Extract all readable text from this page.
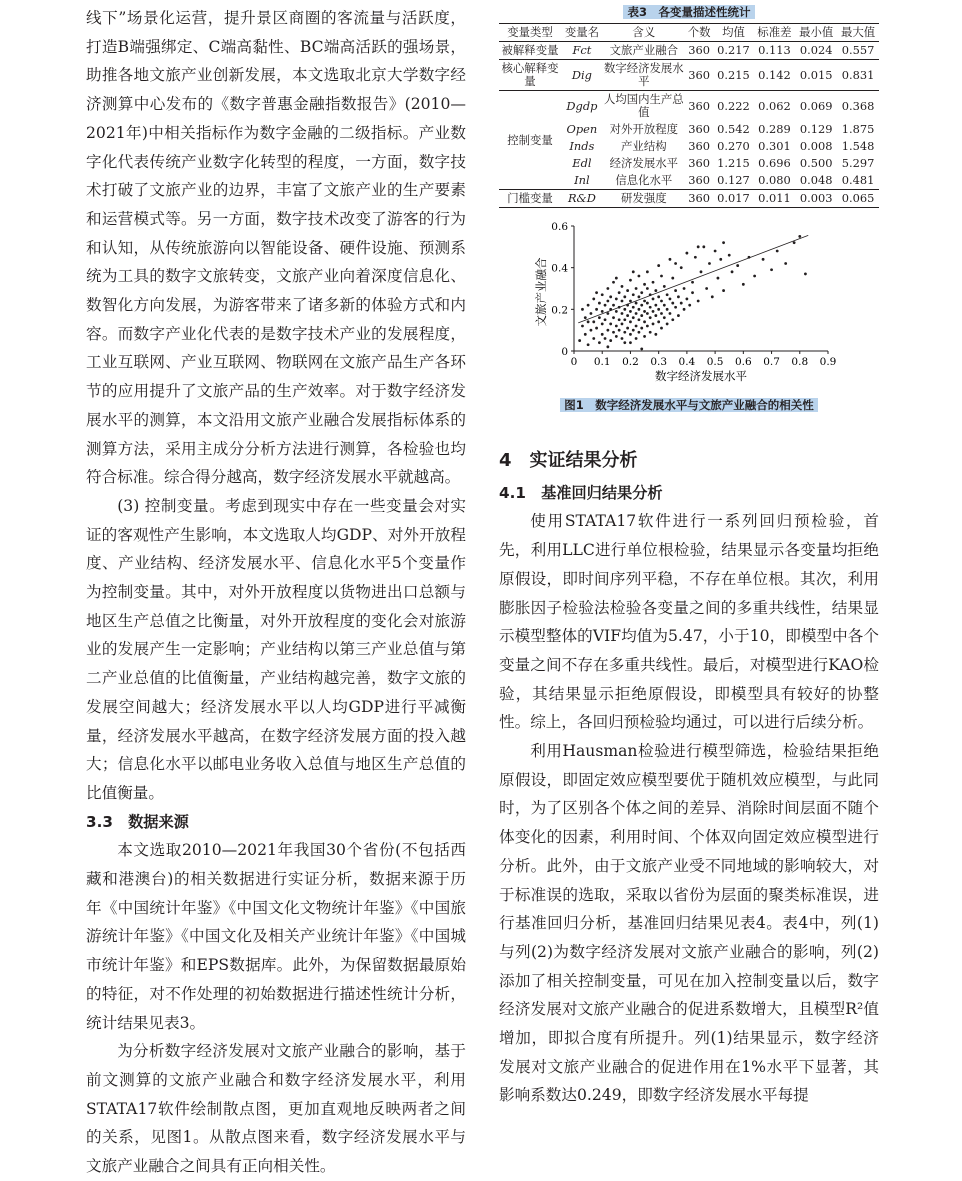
线下”场景化运营，提升景区商圈的客流量与活跃度，打造B端强绑定、C端高黏性、BC端高活跃的强场景，助推各地文旅产业创新发展，本文选取北京大学数字经济测算中心发布的《数字普惠金融指数报告》(2010—2021年)中相关指标作为数字金融的二级指标。产业数字化代表传统产业数字化转型的程度，一方面，数字技术打破了文旅产业的边界，丰富了文旅产业的生产要素和运营模式等。另一方面，数字技术改变了游客的行为和认知，从传统旅游向以智能设备、硬件设施、预测系统为工具的数字文旅转变，文旅产业向着深度信息化、数智化方向发展，为游客带来了诸多新的体验方式和内容。而数字产业化代表的是数字技术产业的发展程度，工业互联网、产业互联网、物联网在文旅产品生产各环节的应用提升了文旅产品的生产效率。对于数字经济发展水平的测算，本文沿用文旅产业融合发展指标体系的测算方法，采用主成分分析方法进行测算，各检验也均符合标准。综合得分越高，数字经济发展水平就越高。

(3) 控制变量。考虑到现实中存在一些变量会对实证的客观性产生影响，本文选取人均GDP、对外开放程度、产业结构、经济发展水平、信息化水平5个变量作为控制变量。其中，对外开放程度以货物进出口总额与地区生产总值之比衡量，对外开放程度的变化会对旅游业的发展产生一定影响；产业结构以第三产业总值与第二产业总值的比值衡量，产业结构越完善，数字文旅的发展空间越大；经济发展水平以人均GDP进行平减衡量，经济发展水平越高，在数字经济发展方面的投入越大；信息化水平以邮电业务收入总值与地区生产总值的比值衡量。

3.3　数据来源

本文选取2010—2021年我国30个省份(不包括西藏和港澳台)的相关数据进行实证分析，数据来源于历年《中国统计年鉴》《中国文化文物统计年鉴》《中国旅游统计年鉴》《中国文化及相关产业统计年鉴》《中国城市统计年鉴》和EPS数据库。此外，为保留数据最原始的特征，对不作处理的初始数据进行描述性统计分析，统计结果见表3。

为分析数字经济发展对文旅产业融合的影响，基于前文测算的文旅产业融合和数字经济发展水平，利用STATA17软件绘制散点图，更加直观地反映两者之间的关系，见图1。从散点图来看，数字经济发展水平与文旅产业融合之间具有正向相关性。

表3　各变量描述性统计
变量类型	变量名	含义	个数	均值	标准差	最小值	最大值
被解释变量	Fct	文旅产业融合	360	0.217	0.113	0.024	0.557
核心解释变量	Dig	数字经济发展水平	360	0.215	0.142	0.015	0.831
控制变量	Dgdp	人均国内生产总值	360	0.222	0.062	0.069	0.368
	Open	对外开放程度	360	0.542	0.289	0.129	1.875
	Inds	产业结构	360	0.270	0.301	0.008	1.548
	Edl	经济发展水平	360	1.215	0.696	0.500	5.297
	Inl	信息化水平	360	0.127	0.080	0.048	0.481
门槛变量	R&D	研发强度	360	0.017	0.011	0.003	0.065
0 0.1 0.2 0.3 0.4 0.5 0.6 0.7 0.8 0.9
0
0.2
0.4
0.6
文旅产业融合
数字经济发展水平
图1　数字经济发展水平与文旅产业融合的相关性
4　实证结果分析
4.1　基准回归结果分析

使用STATA17软件进行一系列回归预检验，首先，利用LLC进行单位根检验，结果显示各变量均拒绝原假设，即时间序列平稳，不存在单位根。其次，利用膨胀因子检验法检验各变量之间的多重共线性，结果显示模型整体的VIF均值为5.47，小于10，即模型中各个变量之间不存在多重共线性。最后，对模型进行KAO检验，其结果显示拒绝原假设，即模型具有较好的协整性。综上，各回归预检验均通过，可以进行后续分析。

利用Hausman检验进行模型筛选，检验结果拒绝原假设，即固定效应模型要优于随机效应模型，与此同时，为了区别各个体之间的差异、消除时间层面不随个体变化的因素，利用时间、个体双向固定效应模型进行分析。此外，由于文旅产业受不同地域的影响较大，对于标准误的选取，采取以省份为层面的聚类标准误，进行基准回归分析，基准回归结果见表4。表4中，列(1)与列(2)为数字经济发展对文旅产业融合的影响，列(2)添加了相关控制变量，可见在加入控制变量以后，数字经济发展对文旅产业融合的促进系数增大，且模型R²值增加，即拟合度有所提升。列(1)结果显示，数字经济发展对文旅产业融合的促进作用在1%水平下显著，其影响系数达0.249，即数字经济发展水平每提
